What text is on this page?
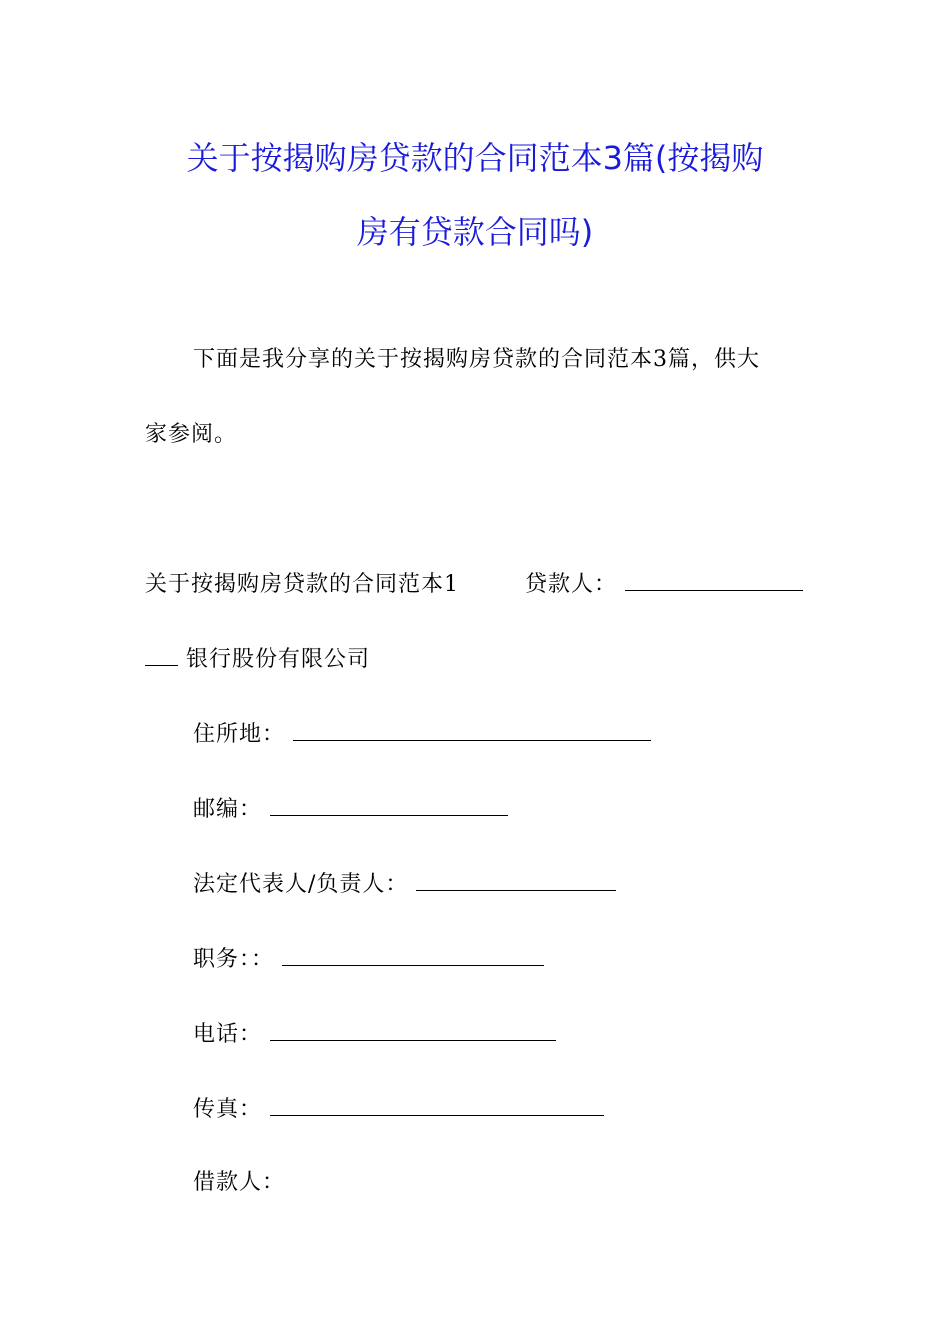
关于按揭购房贷款的合同范本3篇(按揭购
房有贷款合同吗)
下面是我分享的关于按揭购房贷款的合同范本3篇，供大
家参阅。
关于按揭购房贷款的合同范本1	贷款人：
银行股份有限公司
住所地：
邮编：
法定代表人/负责人：
职务：：
电话：
传真：
借款人：
